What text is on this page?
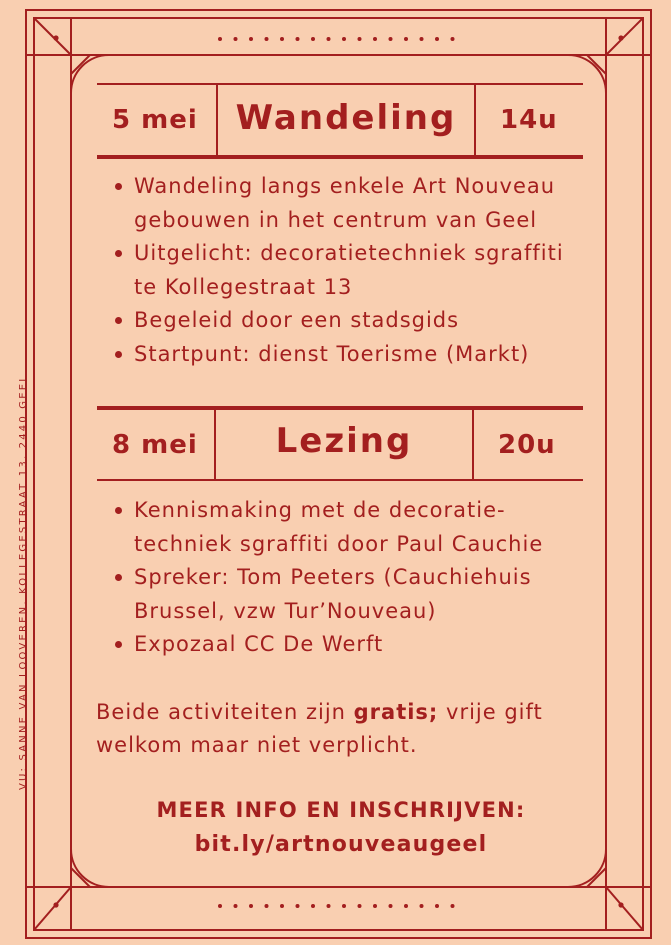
VU: SANNE VAN LOOVEREN, KOLLEGESTRAAT 13, 2440 GEEL
5 mei	Wandeling	14u
Wandeling langs enkele Art Nouveau gebouwen in het centrum van Geel
Uitgelicht: decoratietechniek sgraffiti te Kollegestraat 13
Begeleid door een stadsgids
Startpunt: dienst Toerisme (Markt)
8 mei	Lezing	20u
Kennismaking met de decoratie-techniek sgraffiti door Paul Cauchie
Spreker: Tom Peeters (Cauchiehuis Brussel, vzw Tur’Nouveau)
Expozaal CC De Werft
Beide activiteiten zijn gratis; vrije gift welkom maar niet verplicht.
MEER INFO EN INSCHRIJVEN:
bit.ly/artnouveaugeel
